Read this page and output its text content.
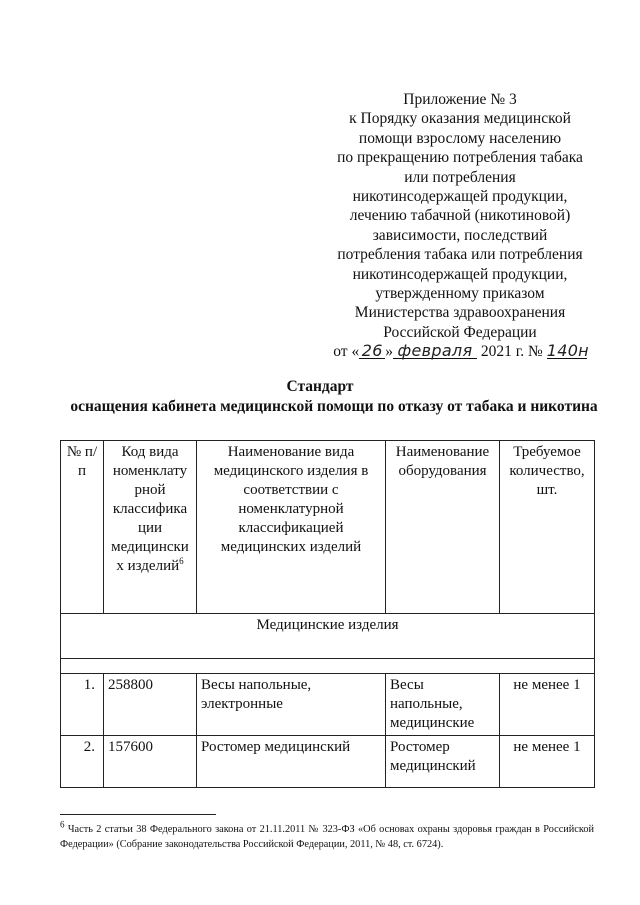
Приложение № 3
к Порядку оказания медицинской
помощи взрослому населению
по прекращению потребления табака
или потребления
никотинсодержащей продукции,
лечению табачной (никотиновой)
зависимости, последствий
потребления табака или потребления
никотинсодержащей продукции,
утвержденному приказом
Министерства здравоохранения
Российской Федерации
от « 26 » февраля 2021 г. № 140н
Стандарт
оснащения кабинета медицинской помощи по отказу от табака и никотина
№ п/п	Код вида номенклату рной классифика ции медицински х изделий$^6$	Наименование вида медицинского изделия в соответствии с номенклатурной классификацией медицинских изделий	Наименование оборудования	Требуемое количество, шт.
Медицинские изделия				

1.	258800	Весы напольные, электронные	Весы напольные, медицинские	не менее 1
2.	157600	Ростомер медицинский	Ростомер медицинский	не менее 1
$^6$ Часть 2 статьи 38 Федерального закона от 21.11.2011 № 323-ФЗ «Об основах охраны здоровья граждан в Российской Федерации» (Собрание законодательства Российской Федерации, 2011, № 48, ст. 6724).
